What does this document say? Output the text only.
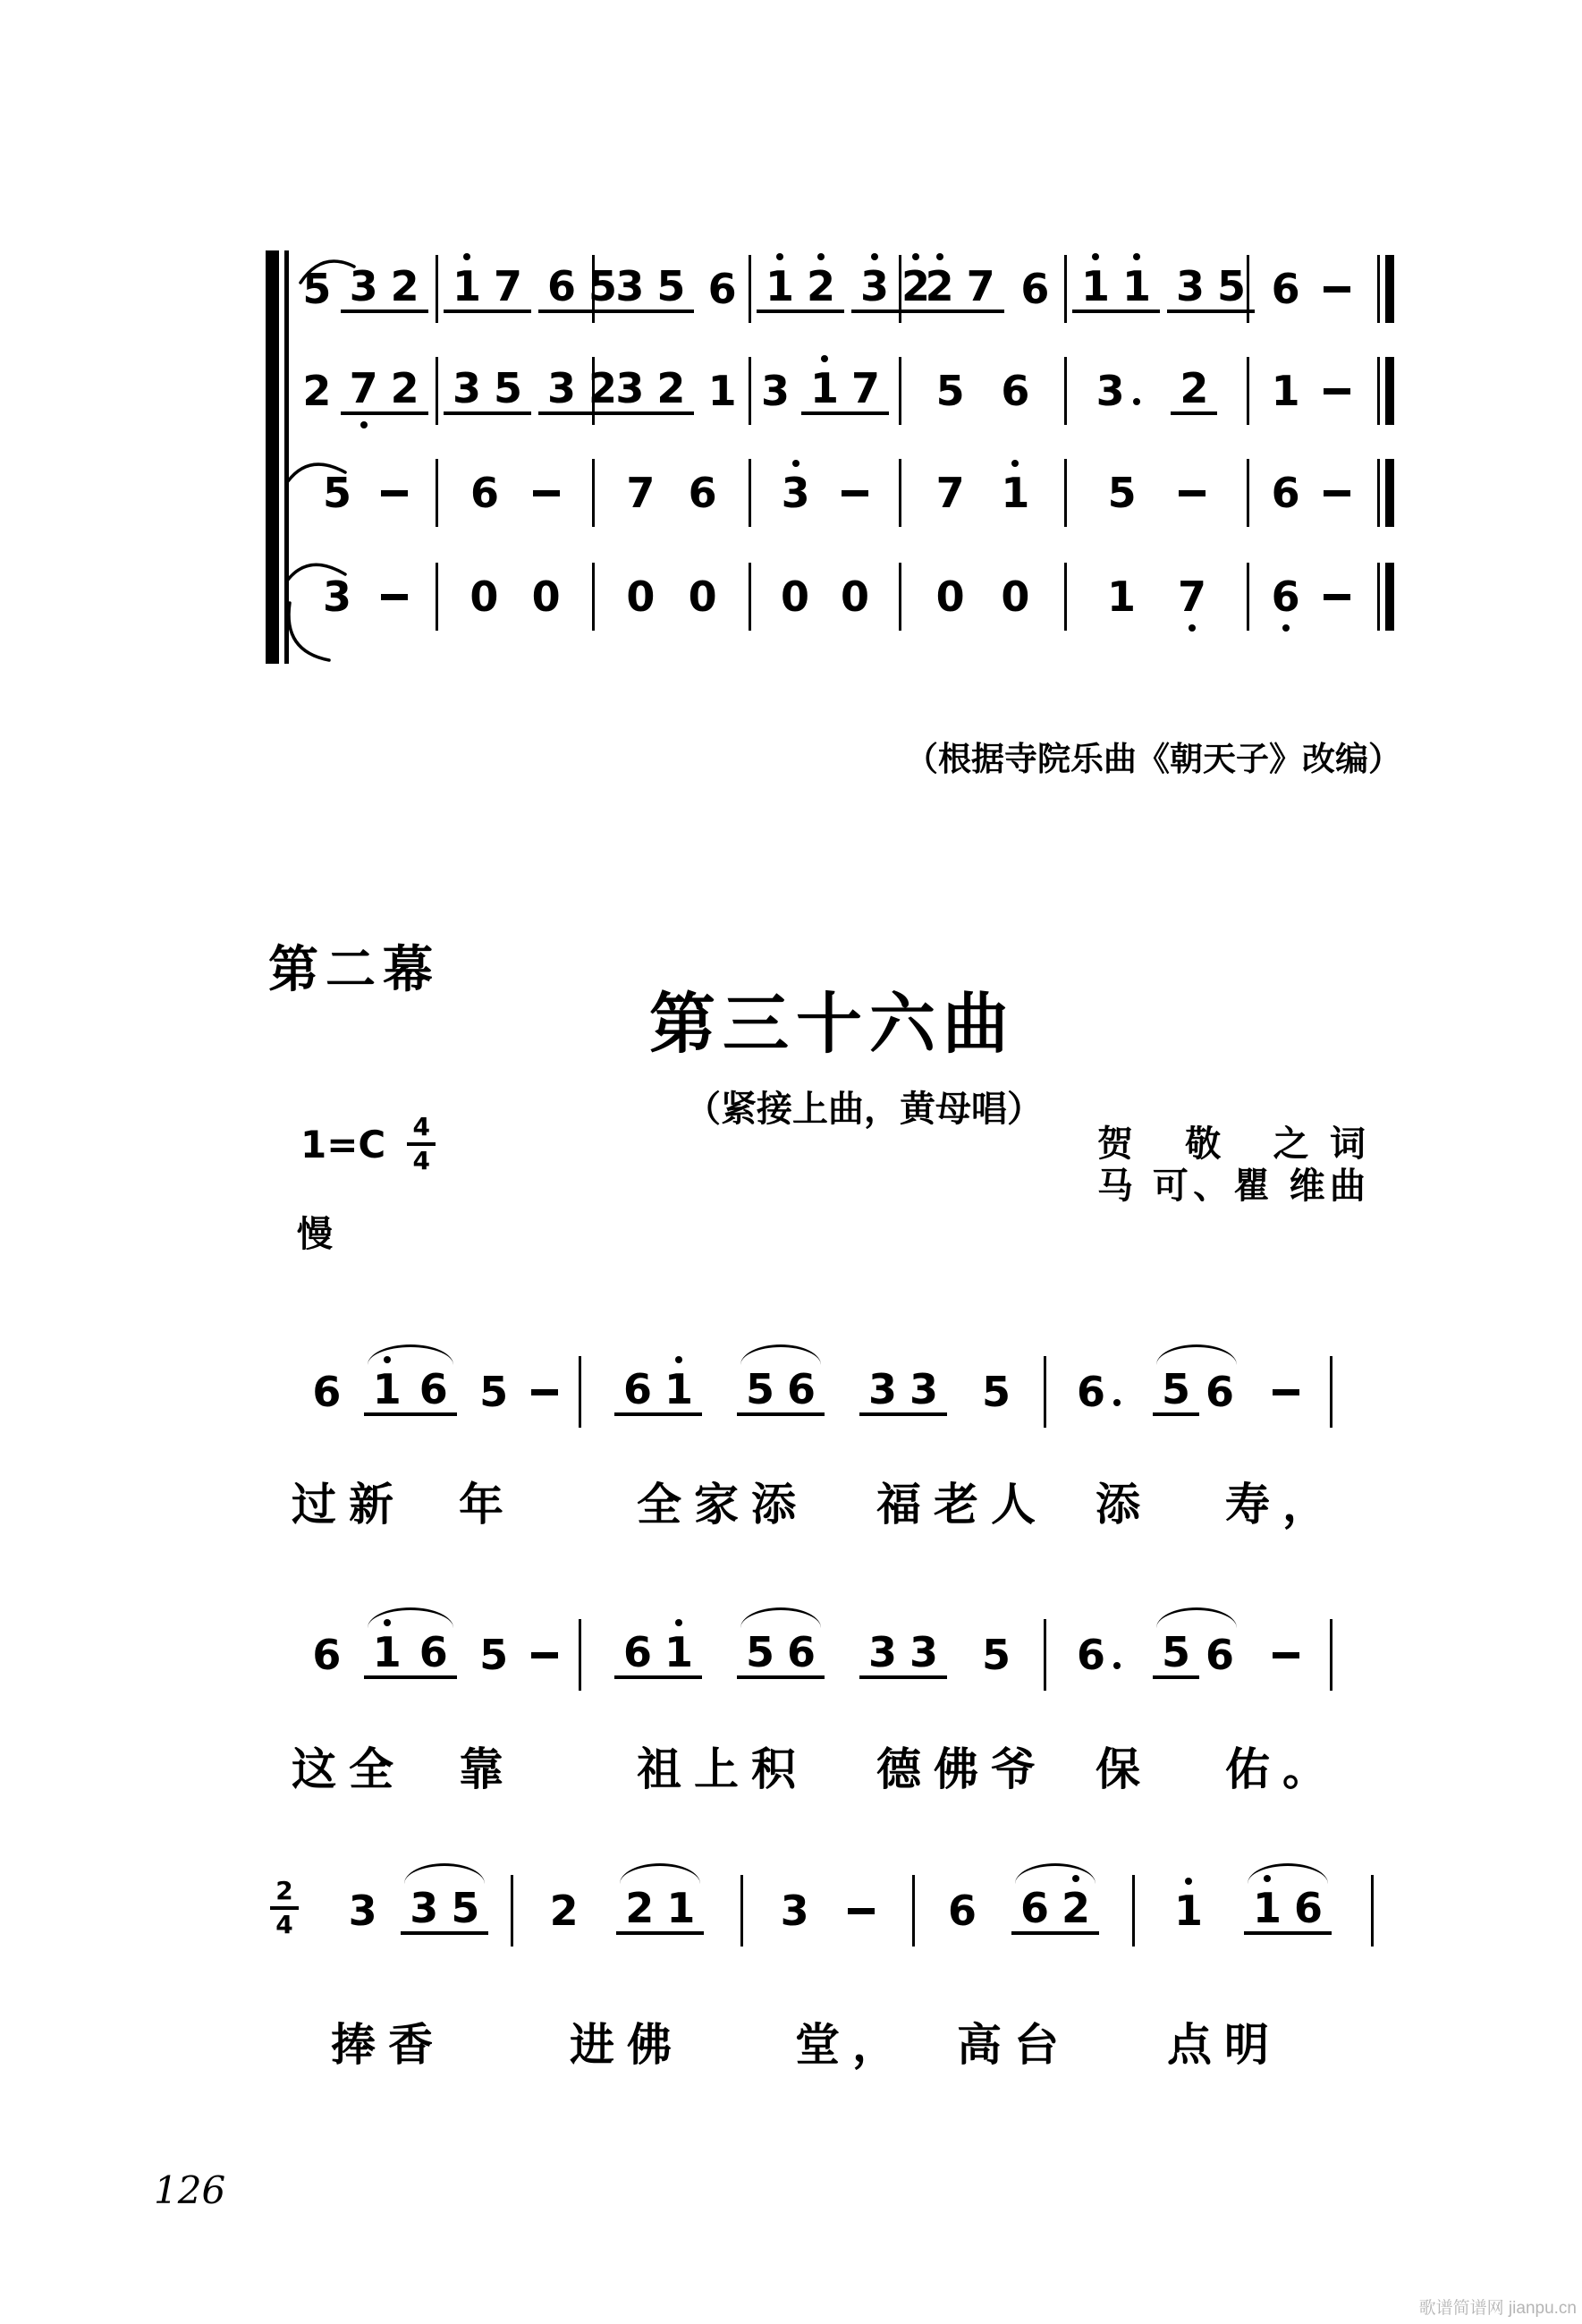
5 3 2 1 7 6 5
3 5 6 1 2 3 2
2 7 6 1 1 3 5 6
2 7 2 3 5 3 2
3 2 1 3 1 7 5 6 3 2 1
5	6	7 6 3	7 1 5	6
3	0 0 0 0 0 0 0 0 1 7 6
6 1 6 5	6 1 5 6 3 3 5 6 5 6
6 1 6 5	6 1 5 6 3 3 5 6 5 6
3 3 5 2 2 1 3	6 6 2 1 1 6
过新 年	全家添 福老人 添 寿，
这全 靠	祖上积 德佛爷 保 佑。
捧香	进佛 堂， 高台 点明
（根据寺院乐曲《朝天子》改编）
第二幕
第三十六曲
（紧接上曲，黄母唱）
$1=C \frac{4}{4}$
慢
贺 敬 之词
马 可、瞿 维曲
2
4
126
歌谱简谱网 jianpu.cn
